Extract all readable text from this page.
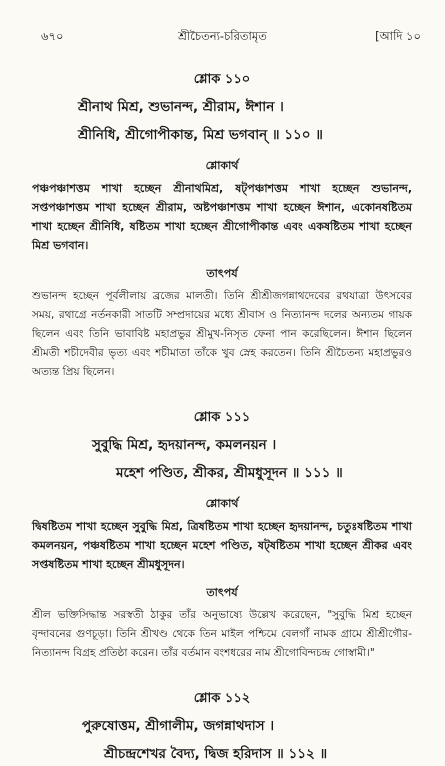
৬৭০	শ্রীচৈতন্য-চরিতামৃত	[আদি ১০
শ্লোক ১১০
শ্রীনাথ মিশ্র, শুভানন্দ, শ্রীরাম, ঈশান ।
শ্রীনিধি, শ্রীগোপীকান্ত, মিশ্র ভগবান্ ॥ ১১০ ॥
শ্লোকার্থ
পঞ্চপঞ্চাশত্তম শাখা হচ্ছেন শ্রীনাথমিশ্র, ষট্‌পঞ্চাশত্তম শাখা হচ্ছেন শুভানন্দ, সপ্তপঞ্চাশত্তম শাখা হচ্ছেন শ্রীরাম, অষ্টপঞ্চাশত্তম শাখা হচ্ছেন ঈশান, একোনষষ্টিতম শাখা হচ্ছেন শ্রীনিধি, ষষ্টিতম শাখা হচ্ছেন শ্রীগোপীকান্ত এবং একষষ্টিতম শাখা হচ্ছেন মিশ্র ভগবান।
তাৎপর্য
শুভানন্দ হচ্ছেন পূর্বলীলায় ব্রজের মালতী। তিনি শ্রীশ্রীজগন্নাথদেবের রথযাত্রা উৎসবের সময়, রথাগ্রে নর্তনকারী সাতটি সম্প্রদায়ের মধ্যে শ্রীবাস ও নিত্যানন্দ দলের অন্যতম গায়ক ছিলেন এবং তিনি ভাবাবিষ্ট মহাপ্রভুর শ্রীমুখ-নিসৃত ফেনা পান করেছিলেন। ঈশান ছিলেন শ্রীমতী শচীদেবীর ভৃত্য এবং শচীমাতা তাঁকে খুব স্নেহ করতেন। তিনি শ্রীচৈতন্য মহাপ্রভুরও অত্যন্ত প্রিয় ছিলেন।
শ্লোক ১১১
সুবুদ্ধি মিশ্র, হৃদয়ানন্দ, কমলনয়ন ।
মহেশ পণ্ডিত, শ্রীকর, শ্রীমধুসূদন ॥ ১১১ ॥
শ্লোকার্থ
দ্বিষষ্টিতম শাখা হচ্ছেন সুবুদ্ধি মিশ্র, ত্রিষষ্টিতম শাখা হচ্ছেন হৃদয়ানন্দ, চতুঃষষ্টিতম শাখা কমলনয়ন, পঞ্চষষ্টিতম শাখা হচ্ছেন মহেশ পণ্ডিত, ষট্‌ষষ্টিতম শাখা হচ্ছেন শ্রীকর এবং সপ্তষষ্টিতম শাখা হচ্ছেন শ্রীমধুসূদন।
তাৎপর্য
শ্রীল ভক্তিসিদ্ধান্ত সরস্বতী ঠাকুর তাঁর অনুভাষ্যে উল্লেখ করেছেন, "সুবুদ্ধি মিশ্র হচ্ছেন বৃন্দাবনের গুণচূড়া। তিনি শ্রীখণ্ড থেকে তিন মাইল পশ্চিমে বেলগাঁ নামক গ্রামে শ্রীশ্রীগৌর-নিত্যানন্দ বিগ্রহ প্রতিষ্ঠা করেন। তাঁর বর্তমান বংশধরের নাম শ্রীগোবিন্দচন্দ্র গোস্বামী।"
শ্লোক ১১২
পুরুষোত্তম, শ্রীগালীম, জগন্নাথদাস ।
শ্রীচন্দ্রশেখর বৈদ্য, দ্বিজ হরিদাস ॥ ১১২ ॥
